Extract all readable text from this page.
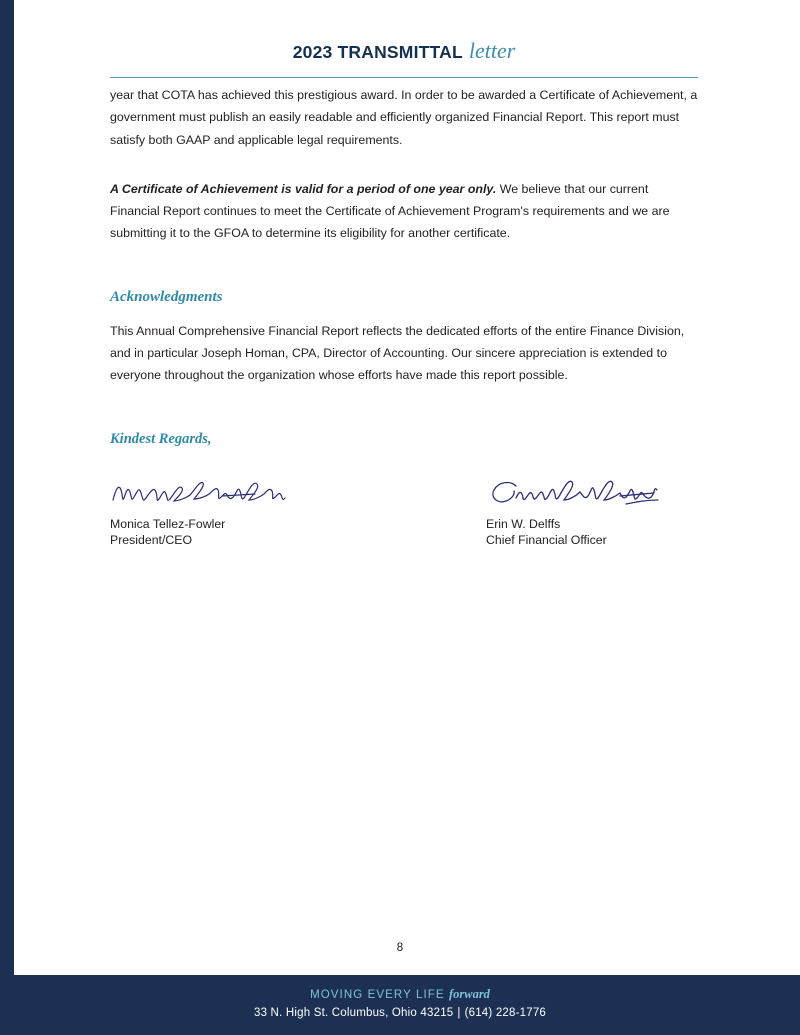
2023 TRANSMITTAL letter

year that COTA has achieved this prestigious award. In order to be awarded a Certificate of Achievement, a government must publish an easily readable and efficiently organized Financial Report. This report must satisfy both GAAP and applicable legal requirements.

A Certificate of Achievement is valid for a period of one year only. We believe that our current Financial Report continues to meet the Certificate of Achievement Program's requirements and we are submitting it to the GFOA to determine its eligibility for another certificate.

Acknowledgments

This Annual Comprehensive Financial Report reflects the dedicated efforts of the entire Finance Division, and in particular Joseph Homan, CPA, Director of Accounting. Our sincere appreciation is extended to everyone throughout the organization whose efforts have made this report possible.

Kindest Regards,

Monica Tellez-Fowler
President/CEO
Erin W. Delffs
Chief Financial Officer
8
MOVING EVERY LIFE forward
33 N. High St. Columbus, Ohio 43215 | (614) 228-1776
